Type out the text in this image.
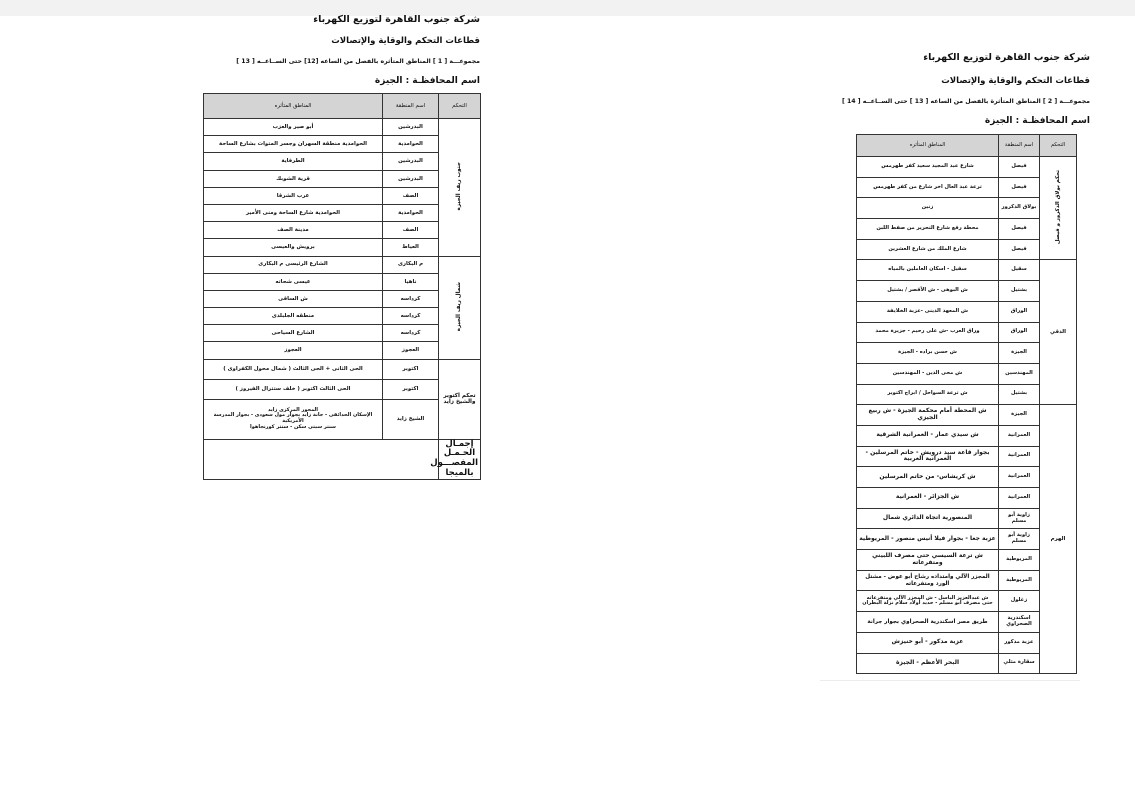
شركة جنوب القاهرة لتوزيع الكهرباء

قطاعات التحكم والوقاية والإتصالات

مجموعـــة [ 1 ] المناطق المتأثره بالفصل من الساعه [12] حتى الســاعــه [ 13 ]

اسم المحافظـة : الجيزة

التحكم	اسم المنطقة	المناطق المتأثره
جنوب ريف الجيزة	البدرشين	أبو صير والعزب
	الحوامدية	الحوامدية منطقة السهران وجسر المتوات بشارع الساحة
	البدرشين	الطرفاية
	البدرشين	قرية الشوبك
	الصف	عرب الشرقا
	الحوامدية	الحوامدية شارع الساحة ومنى الأمير
	الصف	مدينة الصف
	العياط	برويش والعيسى
شمال ريف الجيزة	م البكارى	الشارع الرئيسى م البكارى
	ناهيا	عيسى شحاته
	كرداسه	ش الساقى
	كرداسه	منطقه الجلبلدى
	كرداسه	الشارع السياحى
	العجوز	العجوز
تحكم اكتوبر والشيخ زايد	اكتوبر	الحى الثانى + الحى الثالث ( شمال محول الكفراوى )
	اكتوبر	الحى الثالث اكتوبر ( خلف ستترال الفيروز )
	الشيخ زايد	المحور المركزى زايد
الإسكان الحدائقى - جانة زايد بجوار مول سعودى - بجوار المدرسة الأمريكية
سنتر سيتى سكن - سنتر كورنجاهوا
إجمـال الحـمـل المفصـــول بالميجا		

شركة جنوب القاهرة لتوزيع الكهرباء

قطاعات التحكم والوقاية والإتصالات

مجموعـــة [ 2 ] المناطق المتأثرة بالفصل من الساعه [ 13 ] حتى الســاعــه [ 14 ]

اسم المحافظـة : الجيزة

التحكم	اسم المنطقة	المناطق المتأثره
تحكم بولاق الدكرور و فيصل	فيصل	شارع عبد المجيد سعيد كفر طهرمس
	فيصل	ترعة عبد العال اخر شارع من كفر طهرمس
	بولاق الدكرور	زنين
	فيصل	محطة رفع شارع التحرير من صفط اللبن
	فيصل	شارع الملك من شارع العشرين
الدقي	سقيل	سقيل - اسكان العاملين بالمياه
	بشتيل	ش البوهى - ش الأقصر / بشتيل
	الوراق	ش المعهد الدينى -عزبة الخلايفة
	الوراق	وراق العرب -ش على رحيم - جزيرة محمد
	الجيزة	ش حسن براده - الجيزة
	المهندسين	ش محى الدين - المهندسين
	بشتيل	ش ترعة السواحل / ابراج اكتوبر
الهرم	الجيزة	ش المحطة أمام محكمة الجيزة - ش ربيع الجيزي
	العمرانية	ش سيدي عمار - العمرانية الشرقية
	العمرانية	بجوار قاعة سيد درويش - خاتم المرسلين - العمرانية الغربية
	العمرانية	ش كريشاس- من خاتم المرسلين
	العمرانية	ش الجزائر - العمرانية
	زاوية أبو مسلم	المنصورية اتجاه الدائري شمال
	زاوية أبو مسلم	عزبة جعا - بجوار فيلا أنيس منصور - المريوطية
	المريوطية	ش ترعة السيسي حتى مصرف اللبيني ومتفرعاته
	المريوطية	المجزر الآلي وامتداده رشاح أبو عوض - مشتل الورد ومتفرعاته
	زغلول	ش عبدالعزيز الباسل - ش المجزر الآلي ومتفرعاته
حتى مصرف أبو مسلم - حديد أولاد سلام نزلة البطران
	اسكندرية الصحراوي	طريق مصر اسكندرية الصحراوي بجوار جرانة
	عزبة مدكور	عزبة مدكور - أبو خنيزش
	سقارة مثلي	البحر الأعظم - الجيزة
